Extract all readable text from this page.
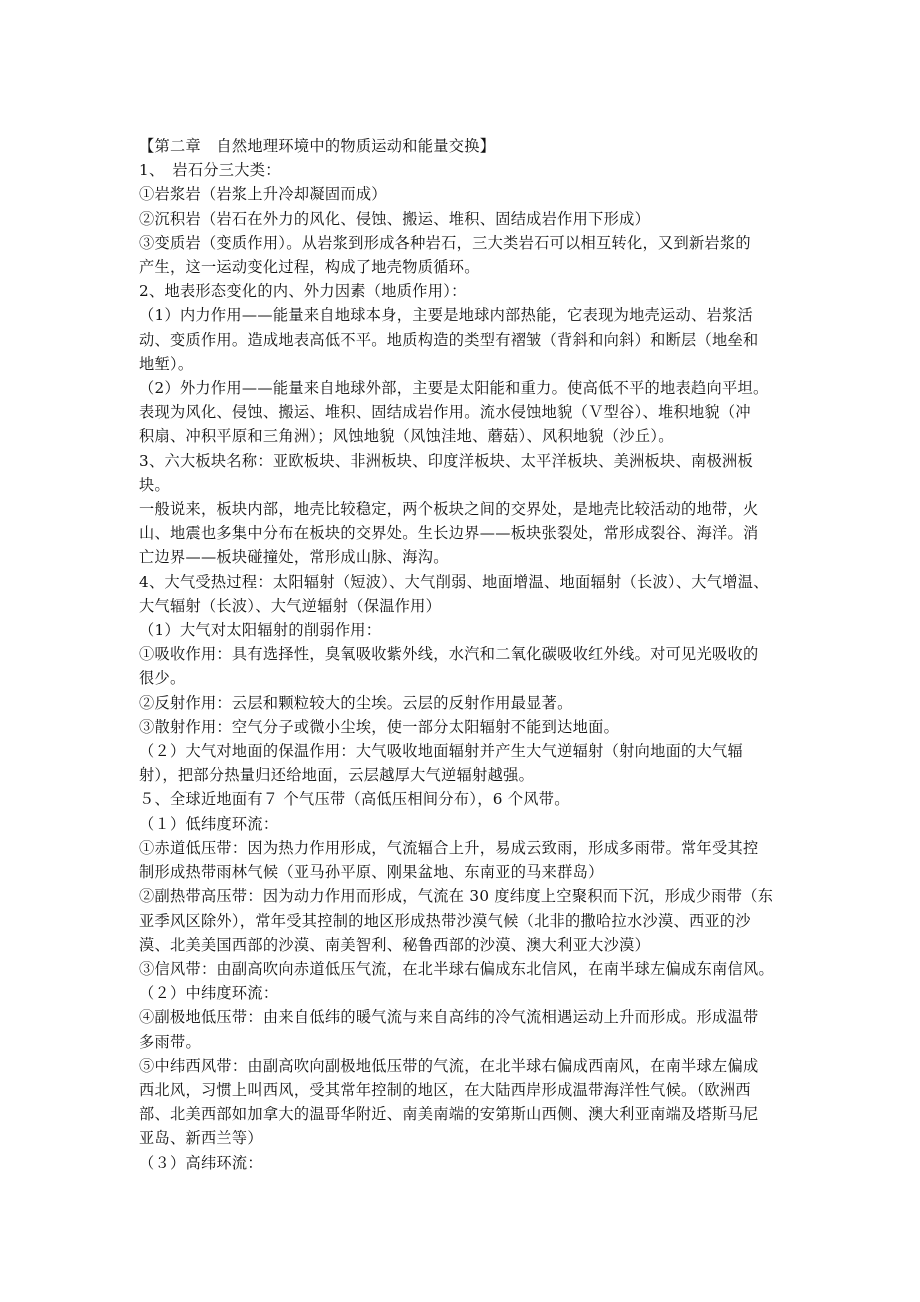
【第二章　自然地理环境中的物质运动和能量交换】
1、　岩石分三大类：
①岩浆岩（岩浆上升冷却凝固而成）
②沉积岩（岩石在外力的风化、侵蚀、搬运、堆积、固结成岩作用下形成）
③变质岩（变质作用）。从岩浆到形成各种岩石，三大类岩石可以相互转化，又到新岩浆的
产生，这一运动变化过程，构成了地壳物质循环。
2、地表形态变化的内、外力因素（地质作用）：
（1）内力作用——能量来自地球本身，主要是地球内部热能，它表现为地壳运动、岩浆活
动、变质作用。造成地表高低不平。地质构造的类型有褶皱（背斜和向斜）和断层（地垒和
地堑）。
（2）外力作用——能量来自地球外部，主要是太阳能和重力。使高低不平的地表趋向平坦。
表现为风化、侵蚀、搬运、堆积、固结成岩作用。流水侵蚀地貌（Ｖ型谷）、堆积地貌（冲
积扇、冲积平原和三角洲）；风蚀地貌（风蚀洼地、蘑菇）、风积地貌（沙丘）。
3、六大板块名称：亚欧板块、非洲板块、印度洋板块、太平洋板块、美洲板块、南极洲板
块。
一般说来，板块内部，地壳比较稳定，两个板块之间的交界处，是地壳比较活动的地带，火
山、地震也多集中分布在板块的交界处。生长边界——板块张裂处，常形成裂谷、海洋。消
亡边界——板块碰撞处，常形成山脉、海沟。
4、大气受热过程：太阳辐射（短波）、大气削弱、地面增温、地面辐射（长波）、大气增温、
大气辐射（长波）、大气逆辐射（保温作用）
（1）大气对太阳辐射的削弱作用：
①吸收作用：具有选择性，臭氧吸收紫外线，水汽和二氧化碳吸收红外线。对可见光吸收的
很少。
②反射作用：云层和颗粒较大的尘埃。云层的反射作用最显著。
③散射作用：空气分子或微小尘埃，使一部分太阳辐射不能到达地面。
（２）大气对地面的保温作用：大气吸收地面辐射并产生大气逆辐射（射向地面的大气辐
射），把部分热量归还给地面，云层越厚大气逆辐射越强。
５、全球近地面有７ 个气压带（高低压相间分布），6 个风带。
（１）低纬度环流：
①赤道低压带：因为热力作用形成，气流辐合上升，易成云致雨，形成多雨带。常年受其控
制形成热带雨林气候（亚马孙平原、刚果盆地、东南亚的马来群岛）
②副热带高压带：因为动力作用而形成，气流在 30 度纬度上空聚积而下沉，形成少雨带（东
亚季风区除外），常年受其控制的地区形成热带沙漠气候（北非的撒哈拉水沙漠、西亚的沙
漠、北美美国西部的沙漠、南美智利、秘鲁西部的沙漠、澳大利亚大沙漠）
③信风带：由副高吹向赤道低压气流，在北半球右偏成东北信风，在南半球左偏成东南信风。
（２）中纬度环流：
④副极地低压带：由来自低纬的暖气流与来自高纬的冷气流相遇运动上升而形成。形成温带
多雨带。
⑤中纬西风带：由副高吹向副极地低压带的气流，在北半球右偏成西南风，在南半球左偏成
西北风，习惯上叫西风，受其常年控制的地区，在大陆西岸形成温带海洋性气候。（欧洲西
部、北美西部如加拿大的温哥华附近、南美南端的安第斯山西侧、澳大利亚南端及塔斯马尼
亚岛、新西兰等）
（３）高纬环流：
